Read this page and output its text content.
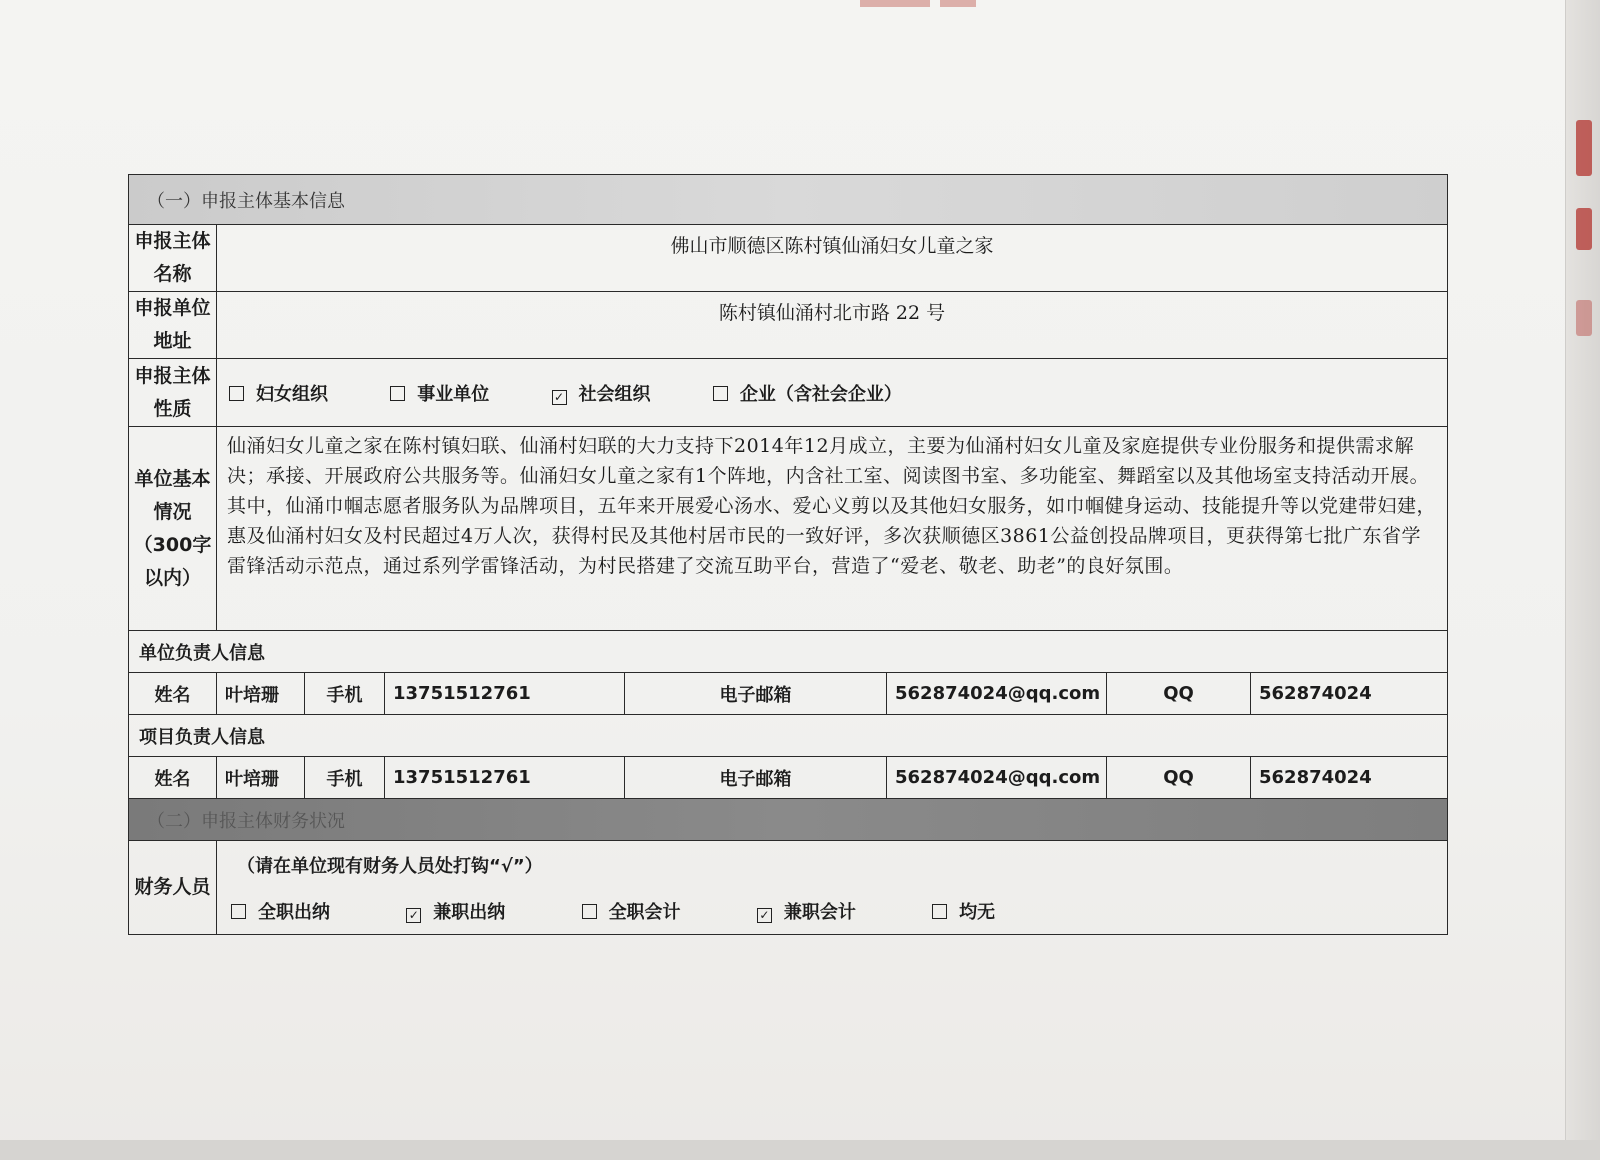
（一）申报主体基本信息	
申报主体名称	佛山市顺德区陈村镇仙涌妇女儿童之家
申报单位地址	陈村镇仙涌村北市路 22 号
申报主体性质	妇女组织 事业单位 ✓ 社会组织 企业（含社会企业）
单位基本情况（300字以内）	仙涌妇女儿童之家在陈村镇妇联、仙涌村妇联的大力支持下2014年12月成立，主要为仙涌村妇女儿童及家庭提供专业份服务和提供需求解决；承接、开展政府公共服务等。仙涌妇女儿童之家有1个阵地，内含社工室、阅读图书室、多功能室、舞蹈室以及其他场室支持活动开展。其中，仙涌巾帼志愿者服务队为品牌项目，五年来开展爱心汤水、爱心义剪以及其他妇女服务，如巾帼健身运动、技能提升等以党建带妇建，惠及仙涌村妇女及村民超过4万人次，获得村民及其他村居市民的一致好评，多次获顺德区3861公益创投品牌项目，更获得第七批广东省学雷锋活动示范点，通过系列学雷锋活动，为村民搭建了交流互助平台，营造了“爱老、敬老、助老”的良好氛围。
单位负责人信息							
姓名	叶培珊	手机	13751512761	电子邮箱	562874024@qq.com	QQ	562874024
项目负责人信息							
姓名	叶培珊	手机	13751512761	电子邮箱	562874024@qq.com	QQ	562874024
（二）申报主体财务状况
财务人员	（请在单位现有财务人员处打钩“√”）
全职出纳	✓ 兼职出纳	全职会计	✓ 兼职会计	均无
